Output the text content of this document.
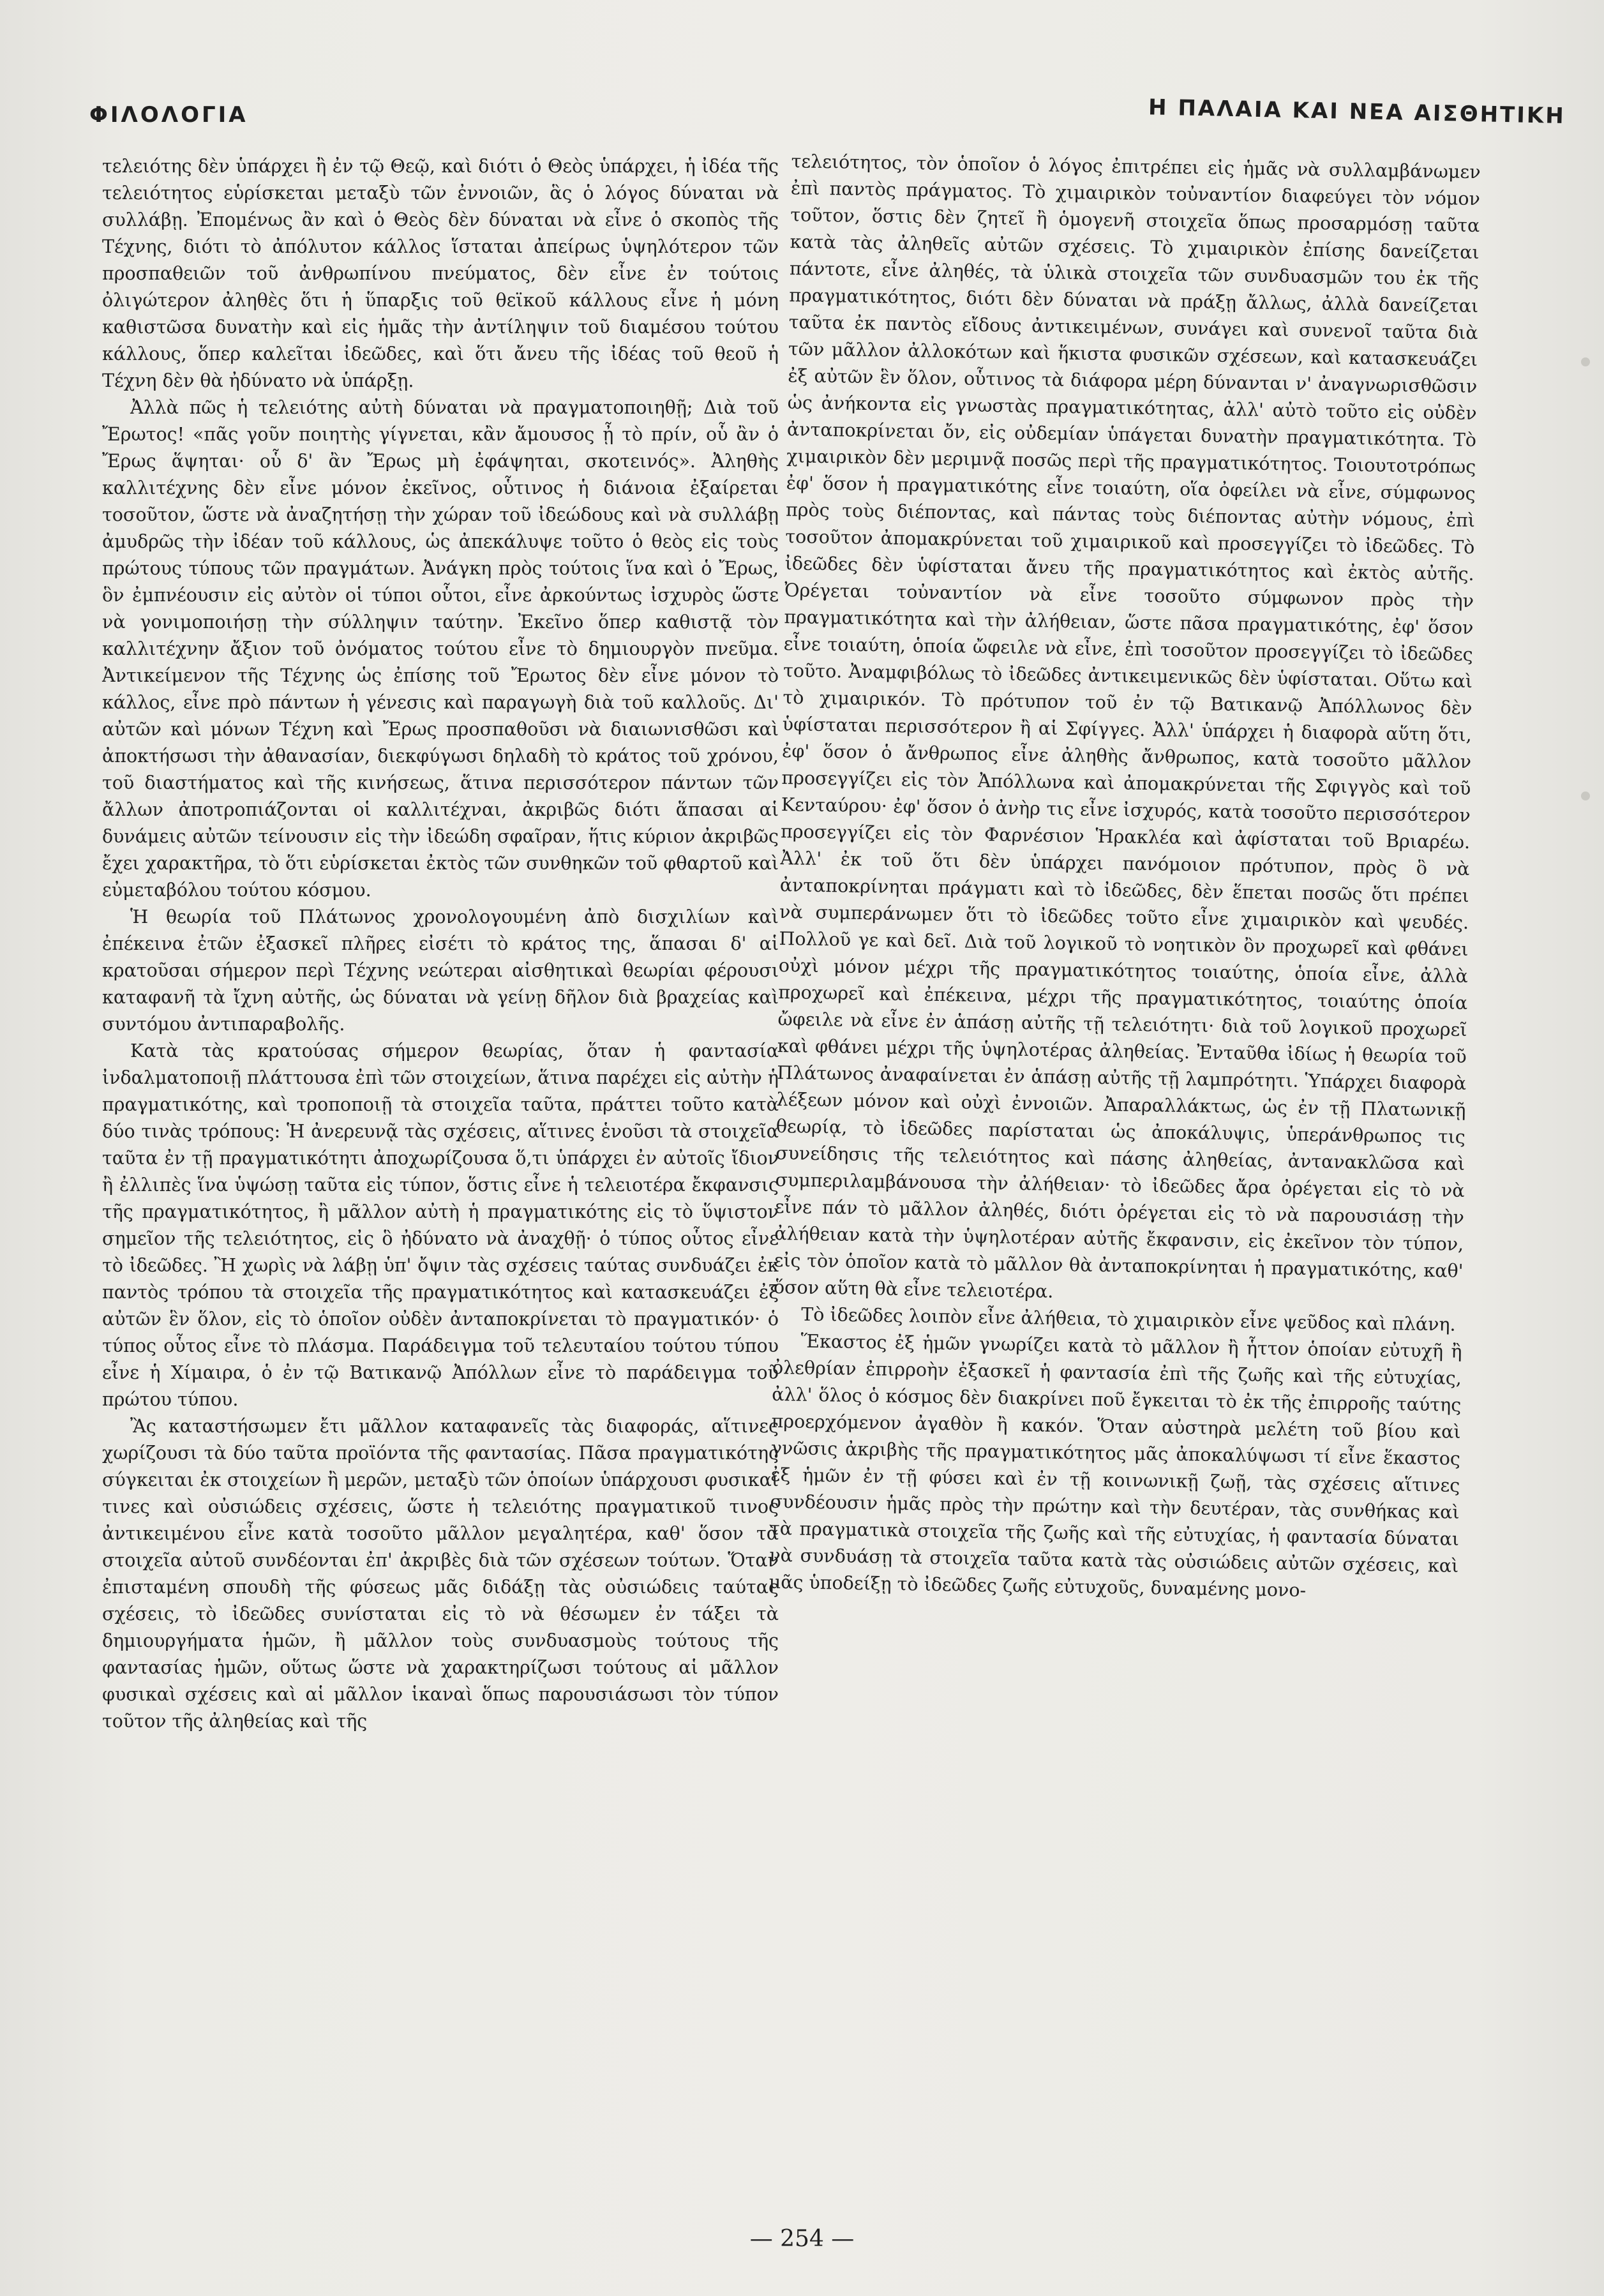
ΦΙΛΟΛΟΓΙΑ	Η ΠΑΛΑΙΑ ΚΑΙ ΝΕΑ ΑΙΣΘΗΤΙΚΗ

τελειότης δὲν ὑπάρχει ἢ ἐν τῷ Θεῷ, καὶ διότι ὁ Θεὸς ὑπάρχει, ἡ ἰδέα τῆς τελειότητος εὑρίσκεται μεταξὺ τῶν ἐννοιῶν, ἃς ὁ λόγος δύναται νὰ συλλάβῃ. Ἐπομένως ἂν καὶ ὁ Θεὸς δὲν δύναται νὰ εἶνε ὁ σκοπὸς τῆς Τέχνης, διότι τὸ ἀπόλυτον κάλλος ἵσταται ἀπείρως ὑψηλότερον τῶν προσπαθειῶν τοῦ ἀνθρωπίνου πνεύματος, δὲν εἶνε ἐν τούτοις ὀλιγώτερον ἀληθὲς ὅτι ἡ ὕπαρξις τοῦ θεϊκοῦ κάλλους εἶνε ἡ μόνη καθιστῶσα δυνατὴν καὶ εἰς ἡμᾶς τὴν ἀντίληψιν τοῦ διαμέσου τούτου κάλλους, ὅπερ καλεῖται ἰδεῶδες, καὶ ὅτι ἄνευ τῆς ἰδέας τοῦ θεοῦ ἡ Τέχνη δὲν θὰ ἠδύνατο νὰ ὑπάρξῃ.

Ἀλλὰ πῶς ἡ τελειότης αὐτὴ δύναται νὰ πραγματοποιηθῇ; Διὰ τοῦ Ἔρωτος! «πᾶς γοῦν ποιητὴς γίγνεται, κἂν ἄμουσος ᾖ τὸ πρίν, οὗ ἂν ὁ Ἔρως ἅψηται· οὗ δ' ἂν Ἔρως μὴ ἐφάψηται, σκοτεινός». Ἀληθὴς καλλιτέχνης δὲν εἶνε μόνον ἐκεῖνος, οὗτινος ἡ διάνοια ἐξαίρεται τοσοῦτον, ὥστε νὰ ἀναζητήσῃ τὴν χώραν τοῦ ἰδεώδους καὶ νὰ συλλάβῃ ἀμυδρῶς τὴν ἰδέαν τοῦ κάλλους, ὡς ἀπεκάλυψε τοῦτο ὁ θεὸς εἰς τοὺς πρώτους τύπους τῶν πραγμάτων. Ἀνάγκη πρὸς τούτοις ἵνα καὶ ὁ Ἔρως, ὃν ἐμπνέουσιν εἰς αὐτὸν οἱ τύποι οὗτοι, εἶνε ἀρκούντως ἰσχυρὸς ὥστε νὰ γονιμοποιήσῃ τὴν σύλληψιν ταύτην. Ἐκεῖνο ὅπερ καθιστᾷ τὸν καλλιτέχνην ἄξιον τοῦ ὀνόματος τούτου εἶνε τὸ δημιουργὸν πνεῦμα. Ἀντικείμενον τῆς Τέχνης ὡς ἐπίσης τοῦ Ἔρωτος δὲν εἶνε μόνον τὸ κάλλος, εἶνε πρὸ πάντων ἡ γένεσις καὶ παραγωγὴ διὰ τοῦ καλλοῦς. Δι' αὐτῶν καὶ μόνων Τέχνη καὶ Ἔρως προσπαθοῦσι νὰ διαιωνισθῶσι καὶ ἀποκτήσωσι τὴν ἀθανασίαν, διεκφύγωσι δηλαδὴ τὸ κράτος τοῦ χρόνου, τοῦ διαστήματος καὶ τῆς κινήσεως, ἅτινα περισσότερον πάντων τῶν ἄλλων ἀποτροπιάζονται οἱ καλλιτέχναι, ἀκριβῶς διότι ἅπασαι αἱ δυνάμεις αὐτῶν τείνουσιν εἰς τὴν ἰδεώδη σφαῖραν, ἥτις κύριον ἀκριβῶς ἔχει χαρακτῆρα, τὸ ὅτι εὑρίσκεται ἐκτὸς τῶν συνθηκῶν τοῦ φθαρτοῦ καὶ εὐμεταβόλου τούτου κόσμου.

Ἡ θεωρία τοῦ Πλάτωνος χρονολογουμένη ἀπὸ δισχιλίων καὶ ἐπέκεινα ἐτῶν ἐξασκεῖ πλῆρες εἰσέτι τὸ κράτος της, ἅπασαι δ' αἱ κρατοῦσαι σήμερον περὶ Τέχνης νεώτεραι αἰσθητικαὶ θεωρίαι φέρουσι καταφανῆ τὰ ἴχνη αὐτῆς, ὡς δύναται νὰ γείνῃ δῆλον διὰ βραχείας καὶ συντόμου ἀντιπαραβολῆς.

Κατὰ τὰς κρατούσας σήμερον θεωρίας, ὅταν ἡ φαντασία ἰνδαλματοποιῇ πλάττουσα ἐπὶ τῶν στοιχείων, ἅτινα παρέχει εἰς αὐτὴν ἡ πραγματικότης, καὶ τροποποιῇ τὰ στοιχεῖα ταῦτα, πράττει τοῦτο κατὰ δύο τινὰς τρόπους: Ἡ ἀνερευνᾷ τὰς σχέσεις, αἵτινες ἑνοῦσι τὰ στοιχεῖα ταῦτα ἐν τῇ πραγματικότητι ἀποχωρίζουσα ὅ,τι ὑπάρχει ἐν αὐτοῖς ἴδιον ἢ ἐλλιπὲς ἵνα ὑψώσῃ ταῦτα εἰς τύπον, ὅστις εἶνε ἡ τελειοτέρα ἔκφανσις τῆς πραγματικότητος, ἢ μᾶλλον αὐτὴ ἡ πραγματικότης εἰς τὸ ὕψιστον σημεῖον τῆς τελειότητος, εἰς ὃ ἠδύνατο νὰ ἀναχθῇ· ὁ τύπος οὗτος εἶνε τὸ ἰδεῶδες. Ἢ χωρὶς νὰ λάβῃ ὑπ' ὄψιν τὰς σχέσεις ταύτας συνδυάζει ἐκ παντὸς τρόπου τὰ στοιχεῖα τῆς πραγματικότητος καὶ κατασκευάζει ἐξ αὐτῶν ἓν ὅλον, εἰς τὸ ὁποῖον οὐδὲν ἀνταποκρίνεται τὸ πραγματικόν· ὁ τύπος οὗτος εἶνε τὸ πλάσμα. Παράδειγμα τοῦ τελευταίου τούτου τύπου εἶνε ἡ Χίμαιρα, ὁ ἐν τῷ Βατικανῷ Ἀπόλλων εἶνε τὸ παράδειγμα τοῦ πρώτου τύπου.

Ἂς καταστήσωμεν ἔτι μᾶλλον καταφανεῖς τὰς διαφοράς, αἵτινες χωρίζουσι τὰ δύο ταῦτα προϊόντα τῆς φαντασίας. Πᾶσα πραγματικότης σύγκειται ἐκ στοιχείων ἢ μερῶν, μεταξὺ τῶν ὁποίων ὑπάρχουσι φυσικαί τινες καὶ οὐσιώδεις σχέσεις, ὥστε ἡ τελειότης πραγματικοῦ τινος ἀντικειμένου εἶνε κατὰ τοσοῦτο μᾶλλον μεγαλητέρα, καθ' ὅσον τὰ στοιχεῖα αὐτοῦ συνδέονται ἐπ' ἀκριβὲς διὰ τῶν σχέσεων τούτων. Ὅταν ἐπισταμένη σπουδὴ τῆς φύσεως μᾶς διδάξῃ τὰς οὐσιώδεις ταύτας σχέσεις, τὸ ἰδεῶδες συνίσταται εἰς τὸ νὰ θέσωμεν ἐν τάξει τὰ δημιουργήματα ἡμῶν, ἢ μᾶλλον τοὺς συνδυασμοὺς τούτους τῆς φαντασίας ἡμῶν, οὕτως ὥστε νὰ χαρακτηρίζωσι τούτους αἱ μᾶλλον φυσικαὶ σχέσεις καὶ αἱ μᾶλλον ἱκαναὶ ὅπως παρουσιάσωσι τὸν τύπον τοῦτον τῆς ἀληθείας καὶ τῆς

τελειότητος, τὸν ὁποῖον ὁ λόγος ἐπιτρέπει εἰς ἡμᾶς νὰ συλλαμβάνωμεν ἐπὶ παντὸς πράγματος. Τὸ χιμαιρικὸν τοὐναντίον διαφεύγει τὸν νόμον τοῦτον, ὅστις δὲν ζητεῖ ἢ ὁμογενῆ στοιχεῖα ὅπως προσαρμόσῃ ταῦτα κατὰ τὰς ἀληθεῖς αὐτῶν σχέσεις. Τὸ χιμαιρικὸν ἐπίσης δανείζεται πάντοτε, εἶνε ἀληθές, τὰ ὑλικὰ στοιχεῖα τῶν συνδυασμῶν του ἐκ τῆς πραγματικότητος, διότι δὲν δύναται νὰ πράξῃ ἄλλως, ἀλλὰ δανείζεται ταῦτα ἐκ παντὸς εἴδους ἀντικειμένων, συνάγει καὶ συνενοῖ ταῦτα διὰ τῶν μᾶλλον ἀλλοκότων καὶ ἥκιστα φυσικῶν σχέσεων, καὶ κατασκευάζει ἐξ αὐτῶν ἓν ὅλον, οὗτινος τὰ διάφορα μέρη δύνανται ν' ἀναγνωρισθῶσιν ὡς ἀνήκοντα εἰς γνωστὰς πραγματικότητας, ἀλλ' αὐτὸ τοῦτο εἰς οὐδὲν ἀνταποκρίνεται ὄν, εἰς οὐδεμίαν ὑπάγεται δυνατὴν πραγματικότητα. Τὸ χιμαιρικὸν δὲν μεριμνᾷ ποσῶς περὶ τῆς πραγματικότητος. Τοιουτοτρόπως ἐφ' ὅσον ἡ πραγματικότης εἶνε τοιαύτη, οἵα ὀφείλει νὰ εἶνε, σύμφωνος πρὸς τοὺς διέποντας, καὶ πάντας τοὺς διέποντας αὐτὴν νόμους, ἐπὶ τοσοῦτον ἀπομακρύνεται τοῦ χιμαιρικοῦ καὶ προσεγγίζει τὸ ἰδεῶδες. Τὸ ἰδεῶδες δὲν ὑφίσταται ἄνευ τῆς πραγματικότητος καὶ ἐκτὸς αὐτῆς. Ὀρέγεται τοὐναντίον νὰ εἶνε τοσοῦτο σύμφωνον πρὸς τὴν πραγματικότητα καὶ τὴν ἀλήθειαν, ὥστε πᾶσα πραγματικότης, ἐφ' ὅσον εἶνε τοιαύτη, ὁποία ὤφειλε νὰ εἶνε, ἐπὶ τοσοῦτον προσεγγίζει τὸ ἰδεῶδες τοῦτο. Ἀναμφιβόλως τὸ ἰδεῶδες ἀντικειμενικῶς δὲν ὑφίσταται. Οὕτω καὶ τὸ χιμαιρικόν. Τὸ πρότυπον τοῦ ἐν τῷ Βατικανῷ Ἀπόλλωνος δὲν ὑφίσταται περισσότερον ἢ αἱ Σφίγγες. Ἀλλ' ὑπάρχει ἡ διαφορὰ αὕτη ὅτι, ἐφ' ὅσον ὁ ἄνθρωπος εἶνε ἀληθὴς ἄνθρωπος, κατὰ τοσοῦτο μᾶλλον προσεγγίζει εἰς τὸν Ἀπόλλωνα καὶ ἀπομακρύνεται τῆς Σφιγγὸς καὶ τοῦ Κενταύρου· ἐφ' ὅσον ὁ ἀνὴρ τις εἶνε ἰσχυρός, κατὰ τοσοῦτο περισσότερον προσεγγίζει εἰς τὸν Φαρνέσιον Ἡρακλέα καὶ ἀφίσταται τοῦ Βριαρέω. Ἀλλ' ἐκ τοῦ ὅτι δὲν ὑπάρχει πανόμοιον πρότυπον, πρὸς ὃ νὰ ἀνταποκρίνηται πράγματι καὶ τὸ ἰδεῶδες, δὲν ἕπεται ποσῶς ὅτι πρέπει νὰ συμπεράνωμεν ὅτι τὸ ἰδεῶδες τοῦτο εἶνε χιμαιρικὸν καὶ ψευδές. Πολλοῦ γε καὶ δεῖ. Διὰ τοῦ λογικοῦ τὸ νοητικὸν ὂν προχωρεῖ καὶ φθάνει οὐχὶ μόνον μέχρι τῆς πραγματικότητος τοιαύτης, ὁποία εἶνε, ἀλλὰ προχωρεῖ καὶ ἐπέκεινα, μέχρι τῆς πραγματικότητος, τοιαύτης ὁποία ὤφειλε νὰ εἶνε ἐν ἁπάσῃ αὐτῆς τῇ τελειότητι· διὰ τοῦ λογικοῦ προχωρεῖ καὶ φθάνει μέχρι τῆς ὑψηλοτέρας ἀληθείας. Ἐνταῦθα ἰδίως ἡ θεωρία τοῦ Πλάτωνος ἀναφαίνεται ἐν ἁπάσῃ αὐτῆς τῇ λαμπρότητι. Ὑπάρχει διαφορὰ λέξεων μόνον καὶ οὐχὶ ἐννοιῶν. Ἀπαραλλάκτως, ὡς ἐν τῇ Πλατωνικῇ θεωρίᾳ, τὸ ἰδεῶδες παρίσταται ὡς ἀποκάλυψις, ὑπεράνθρωπος τις συνείδησις τῆς τελειότητος καὶ πάσης ἀληθείας, ἀντανακλῶσα καὶ συμπεριλαμβάνουσα τὴν ἀλήθειαν· τὸ ἰδεῶδες ἄρα ὀρέγεται εἰς τὸ νὰ εἶνε πάν τὸ μᾶλλον ἀληθές, διότι ὀρέγεται εἰς τὸ νὰ παρουσιάσῃ τὴν ἀλήθειαν κατὰ τὴν ὑψηλοτέραν αὐτῆς ἔκφανσιν, εἰς ἐκεῖνον τὸν τύπον, εἰς τὸν ὁποῖον κατὰ τὸ μᾶλλον θὰ ἀνταποκρίνηται ἡ πραγματικότης, καθ' ὅσον αὕτη θὰ εἶνε τελειοτέρα.

Τὸ ἰδεῶδες λοιπὸν εἶνε ἀλήθεια, τὸ χιμαιρικὸν εἶνε ψεῦδος καὶ πλάνη.

Ἕκαστος ἐξ ἡμῶν γνωρίζει κατὰ τὸ μᾶλλον ἢ ἧττον ὁποίαν εὐτυχῆ ἢ ὀλεθρίαν ἐπιρροὴν ἐξασκεῖ ἡ φαντασία ἐπὶ τῆς ζωῆς καὶ τῆς εὐτυχίας, ἀλλ' ὅλος ὁ κόσμος δὲν διακρίνει ποῦ ἔγκειται τὸ ἐκ τῆς ἐπιρροῆς ταύτης προερχόμενον ἀγαθὸν ἢ κακόν. Ὅταν αὐστηρὰ μελέτη τοῦ βίου καὶ γνῶσις ἀκριβὴς τῆς πραγματικότητος μᾶς ἀποκαλύψωσι τί εἶνε ἕκαστος ἐξ ἡμῶν ἐν τῇ φύσει καὶ ἐν τῇ κοινωνικῇ ζωῇ, τὰς σχέσεις αἵτινες συνδέουσιν ἡμᾶς πρὸς τὴν πρώτην καὶ τὴν δευτέραν, τὰς συνθήκας καὶ τὰ πραγματικὰ στοιχεῖα τῆς ζωῆς καὶ τῆς εὐτυχίας, ἡ φαντασία δύναται νὰ συνδυάσῃ τὰ στοιχεῖα ταῦτα κατὰ τὰς οὐσιώδεις αὐτῶν σχέσεις, καὶ μᾶς ὑποδείξῃ τὸ ἰδεῶδες ζωῆς εὐτυχοῦς, δυναμένης μονο-

— 254 —
